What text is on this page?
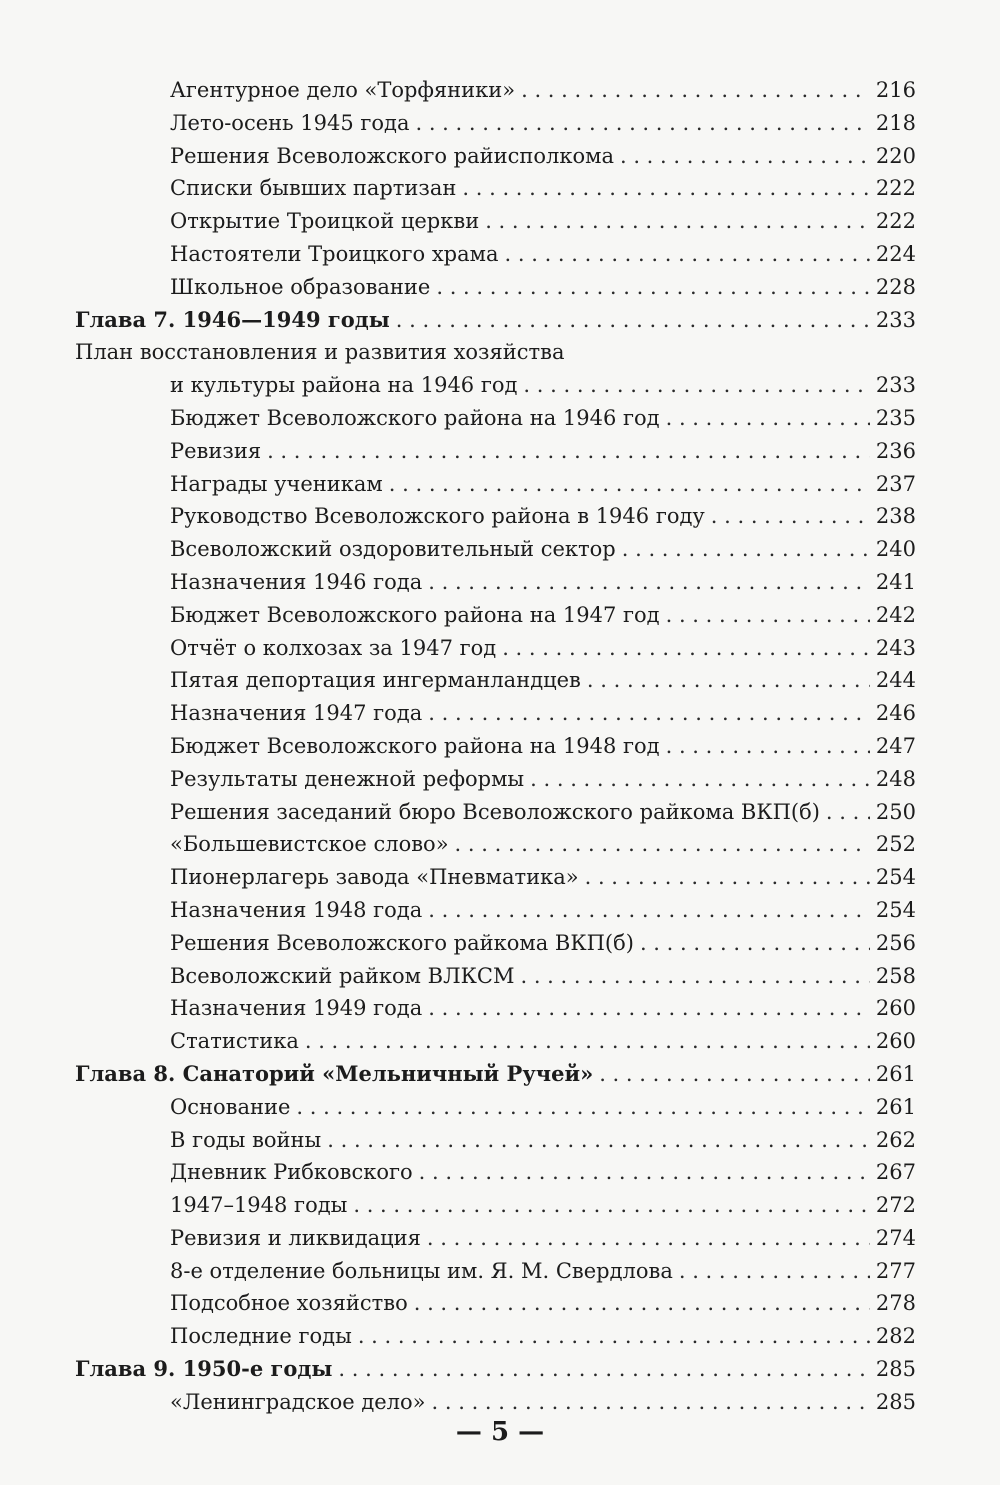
Агентурное дело «Торфяники» . . .	216
Лето-осень 1945 года . . .	218
Решения Всеволожского райисполкома . . .	220
Списки бывших партизан . . .	222
Открытие Троицкой церкви . . .	222
Настоятели Троицкого храма . . .	224
Школьное образование . . .	228
Глава 7. 1946—1949 годы . . .	233
План восстановления и развития хозяйства
и культуры района на 1946 год . . .	233
Бюджет Всеволожского района на 1946 год . . .	235
Ревизия . . .	236
Награды ученикам . . .	237
Руководство Всеволожского района в 1946 году . . .	238
Всеволожский оздоровительный сектор . . .	240
Назначения 1946 года . . .	241
Бюджет Всеволожского района на 1947 год . . .	242
Отчёт о колхозах за 1947 год . . .	243
Пятая депортация ингерманландцев . . .	244
Назначения 1947 года . . .	246
Бюджет Всеволожского района на 1948 год . . .	247
Результаты денежной реформы . . .	248
Решения заседаний бюро Всеволожского райкома ВКП(б) . . .	250
«Большевистское слово» . . .	252
Пионерлагерь завода «Пневматика» . . .	254
Назначения 1948 года . . .	254
Решения Всеволожского райкома ВКП(б) . . .	256
Всеволожский райком ВЛКСМ . . .	258
Назначения 1949 года . . .	260
Статистика . . .	260
Глава 8. Санаторий «Мельничный Ручей» . . .	261
Основание . . .	261
В годы войны . . .	262
Дневник Рибковского . . .	267
1947–1948 годы . . .	272
Ревизия и ликвидация . . .	274
8-е отделение больницы им. Я. М. Свердлова . . .	277
Подсобное хозяйство . . .	278
Последние годы . . .	282
Глава 9. 1950-е годы . . .	285
«Ленинградское дело» . . .	285
— 5 —
